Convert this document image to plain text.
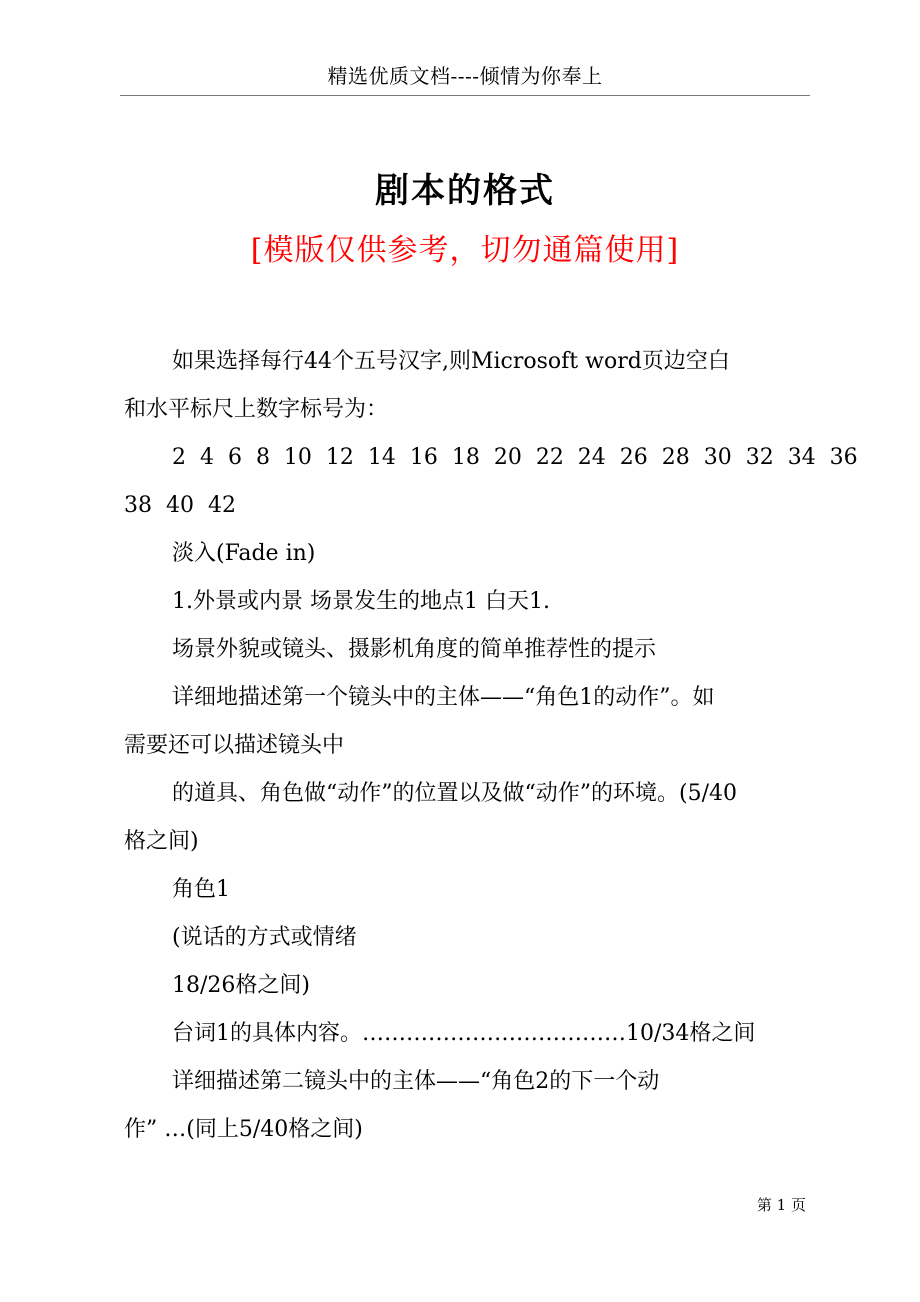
精选优质文档----倾情为你奉上
剧本的格式
[模版仅供参考，切勿通篇使用]
如果选择每行44个五号汉字,则Microsoft word页边空白
和水平标尺上数字标号为：
2  4  6  8  10  12  14  16  18  20  22  24  26  28  30  32  34  36
38  40  42
淡入(Fade in)
1.外景或内景 场景发生的地点1 白天1.
场景外貌或镜头、摄影机角度的简单推荐性的提示
详细地描述第一个镜头中的主体——“角色1的动作”。如
需要还可以描述镜头中
的道具、角色做“动作”的位置以及做“动作”的环境。(5/40
格之间)
角色1
(说话的方式或情绪
18/26格之间)
台词1的具体内容。………………………………10/34格之间
详细描述第二镜头中的主体——“角色2的下一个动
作” …(同上5/40格之间)
第 1 页
